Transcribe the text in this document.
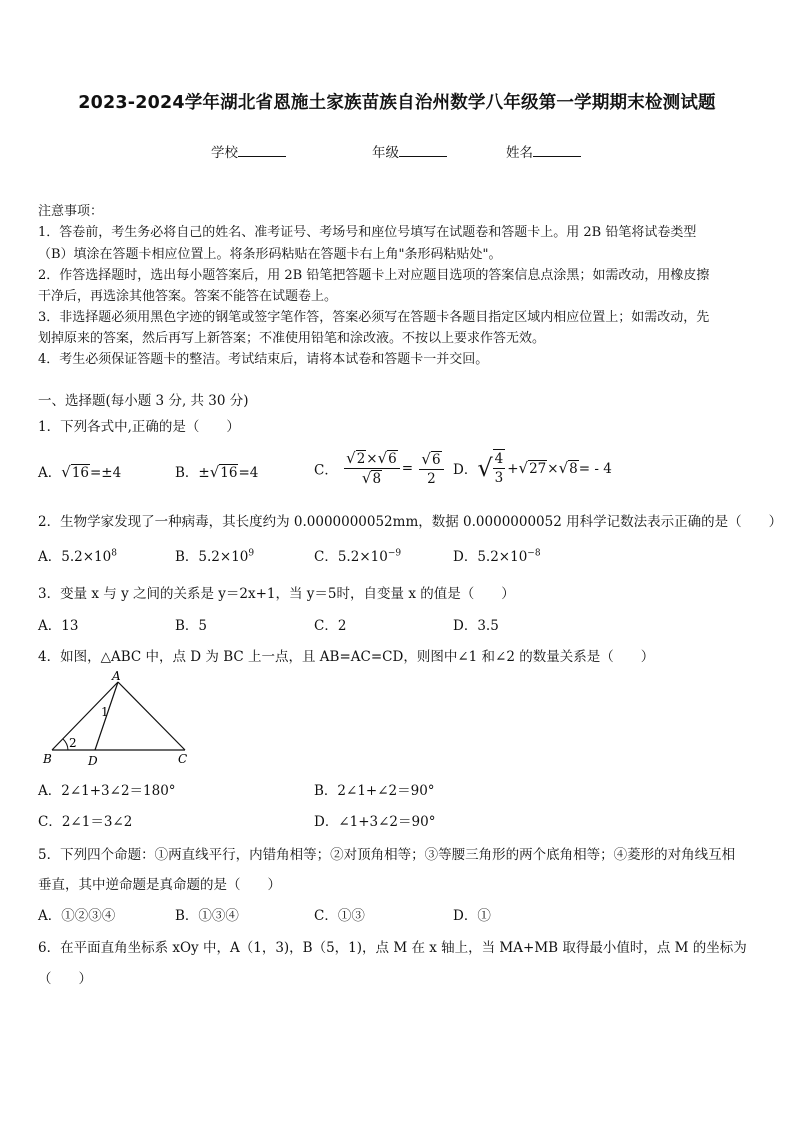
2023-2024学年湖北省恩施土家族苗族自治州数学八年级第一学期期末检测试题
学校	年级	姓名
注意事项：
1．答卷前，考生务必将自己的姓名、准考证号、考场号和座位号填写在试题卷和答题卡上。用 2B 铅笔将试卷类型
（B）填涂在答题卡相应位置上。将条形码粘贴在答题卡右上角"条形码粘贴处"。
2．作答选择题时，选出每小题答案后，用 2B 铅笔把答题卡上对应题目选项的答案信息点涂黑；如需改动，用橡皮擦
干净后，再选涂其他答案。答案不能答在试题卷上。
3．非选择题必须用黑色字迹的钢笔或签字笔作答，答案必须写在答题卡各题目指定区域内相应位置上；如需改动，先
划掉原来的答案，然后再写上新答案；不准使用铅笔和涂改液。不按以上要求作答无效。
4．考生必须保证答题卡的整洁。考试结束后，请将本试卷和答题卡一并交回。
一、选择题(每小题 3 分, 共 30 分)
1．下列各式中,正确的是（　　）
A．√16=±4	B．±√16=4	C． $\frac{√2\times√6}{√8} = \frac{√6}{2}$ D．√ $\frac{4}{3} +√27\times√8= - 4$
2．生物学家发现了一种病毒，其长度约为 0.0000000052mm，数据 0.0000000052 用科学记数法表示正确的是（　　）
A．$5.2\times 10^8$	B．$5.2\times 10^9$	C．$5.2\times 10^{-9}$	D．$5.2\times 10^{-8}$
3．变量 x 与 y 之间的关系是 y＝2x+1，当 y＝5时，自变量 x 的值是（　　）
A．13	B．5	C．2	D．3.5
4．如图，△ABC 中，点 D 为 BC 上一点，且 AB=AC=CD，则图中∠1 和∠2 的数量关系是（　　）
A
B	C
D
1
2
A．2∠1+3∠2＝180°	B．2∠1+∠2＝90°
C．2∠1＝3∠2	D．∠1+3∠2＝90°
5．下列四个命题：①两直线平行，内错角相等；②对顶角相等；③等腰三角形的两个底角相等；④菱形的对角线互相
垂直，其中逆命题是真命题的是（　　）
A．①②③④	B．①③④	C．①③	D．①
6．在平面直角坐标系 xOy 中，A（1，3)，B（5，1)，点 M 在 x 轴上，当 MA+MB 取得最小值时，点 M 的坐标为
（　　）
